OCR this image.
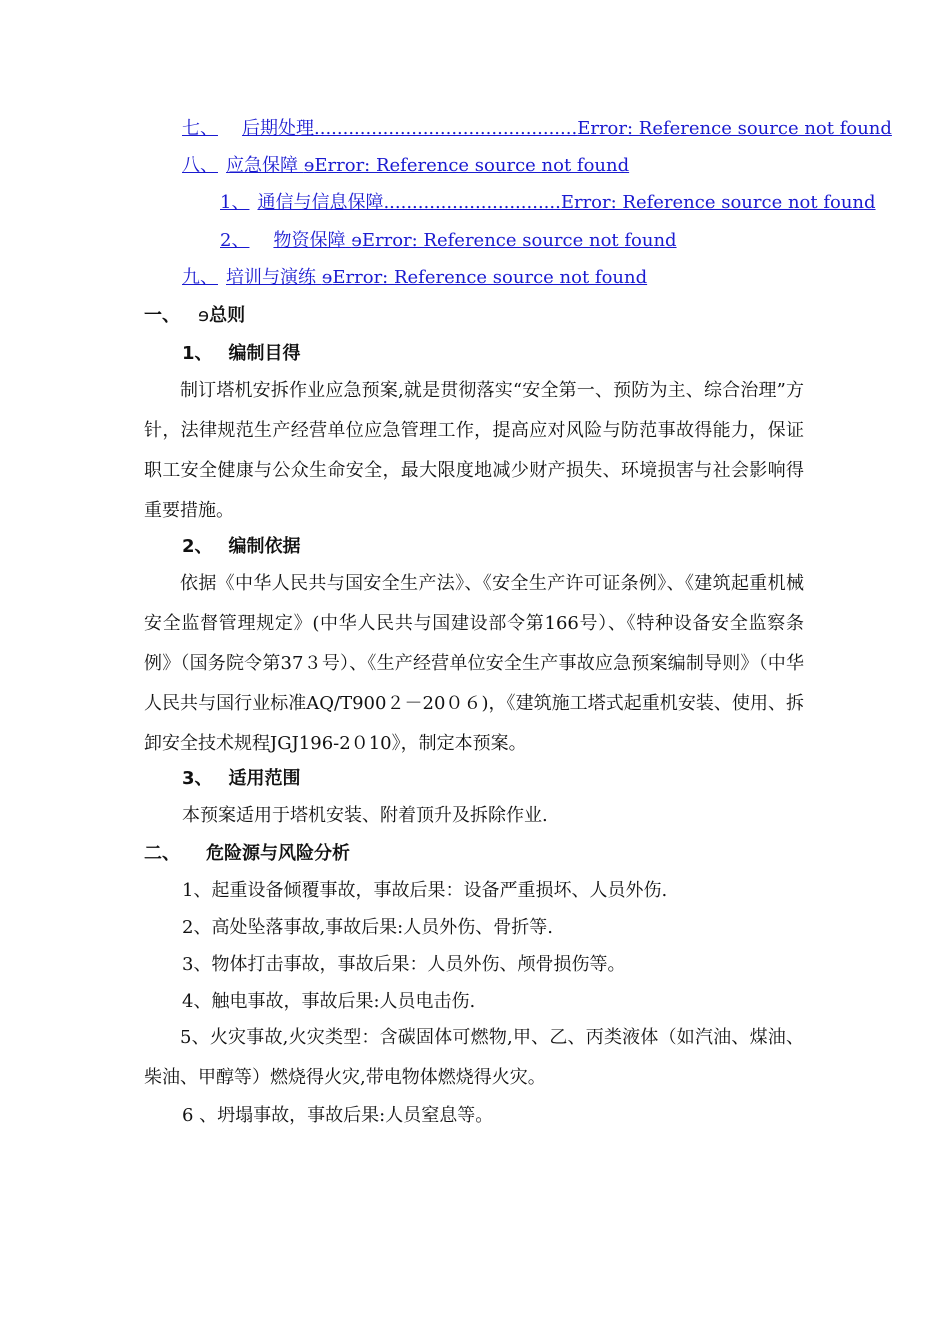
七、 后期处理..............................................Error: Reference source not found
八、 应急保障 ɘError: Reference source not found
1、 通信与信息保障...............................Error: Reference source not found
2、 物资保障 ɘError: Reference source not found
九、 培训与演练 ɘError: Reference source not found
一、 ɘ总则
1、 编制目得
制订塔机安拆作业应急预案,就是贯彻落实“安全第一、预防为主、综合治理”方针，法律规范生产经营单位应急管理工作，提高应对风险与防范事故得能力，保证职工安全健康与公众生命安全，最大限度地减少财产损失、环境损害与社会影响得重要措施。
2、 编制依据
依据《中华人民共与国安全生产法》、《安全生产许可证条例》、《建筑起重机械安全监督管理规定》(中华人民共与国建设部令第166号）、《特种设备安全监察条例》（国务院令第37３号）、《生产经营单位安全生产事故应急预案编制导则》（中华人民共与国行业标准AQ/T900２－20０６)，《建筑施工塔式起重机安装、使用、拆卸安全技术规程JGJ196-2０10》，制定本预案。
3、 适用范围
本预案适用于塔机安装、附着顶升及拆除作业.
二、 危险源与风险分析
1、起重设备倾覆事故，事故后果：设备严重损坏、人员外伤.
2、高处坠落事故,事故后果:人员外伤、骨折等.
3、物体打击事故，事故后果：人员外伤、颅骨损伤等。
4、触电事故，事故后果:人员电击伤.
5、火灾事故,火灾类型：含碳固体可燃物,甲、乙、丙类液体（如汽油、煤油、柴油、甲醇等）燃烧得火灾,带电物体燃烧得火灾。
6 、坍塌事故，事故后果:人员窒息等。
